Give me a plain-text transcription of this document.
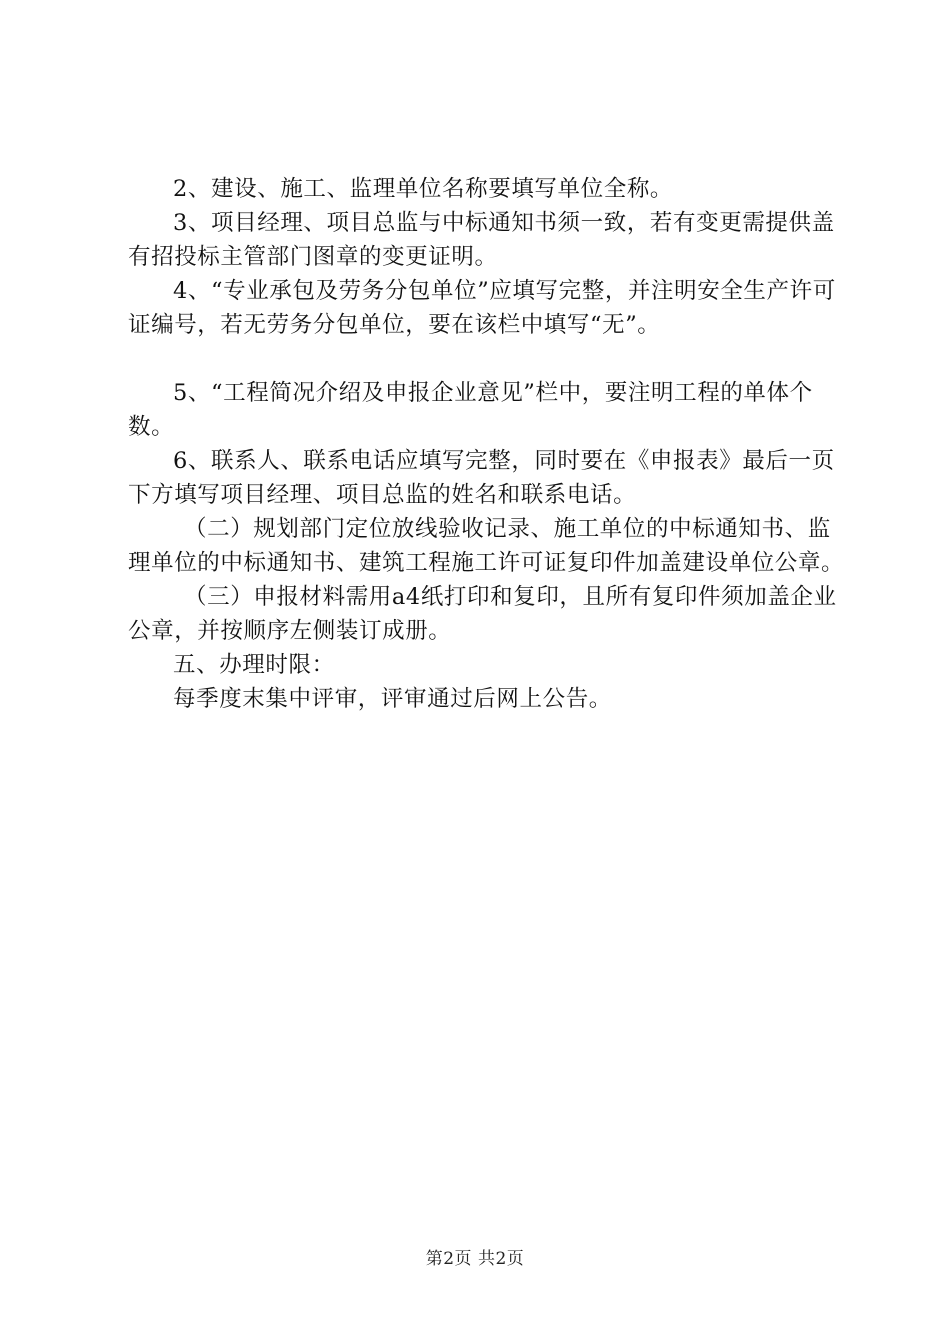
2、建设、施工、监理单位名称要填写单位全称。

3、项目经理、项目总监与中标通知书须一致，若有变更需提供盖有招投标主管部门图章的变更证明。

4、“专业承包及劳务分包单位”应填写完整，并注明安全生产许可证编号，若无劳务分包单位，要在该栏中填写“无”。

5、“工程简况介绍及申报企业意见”栏中，要注明工程的单体个数。

6、联系人、联系电话应填写完整，同时要在《申报表》最后一页下方填写项目经理、项目总监的姓名和联系电话。

（二）规划部门定位放线验收记录、施工单位的中标通知书、监理单位的中标通知书、建筑工程施工许可证复印件加盖建设单位公章。

（三）申报材料需用a4纸打印和复印，且所有复印件须加盖企业公章，并按顺序左侧装订成册。

五、办理时限：

每季度末集中评审，评审通过后网上公告。

第2页 共2页
